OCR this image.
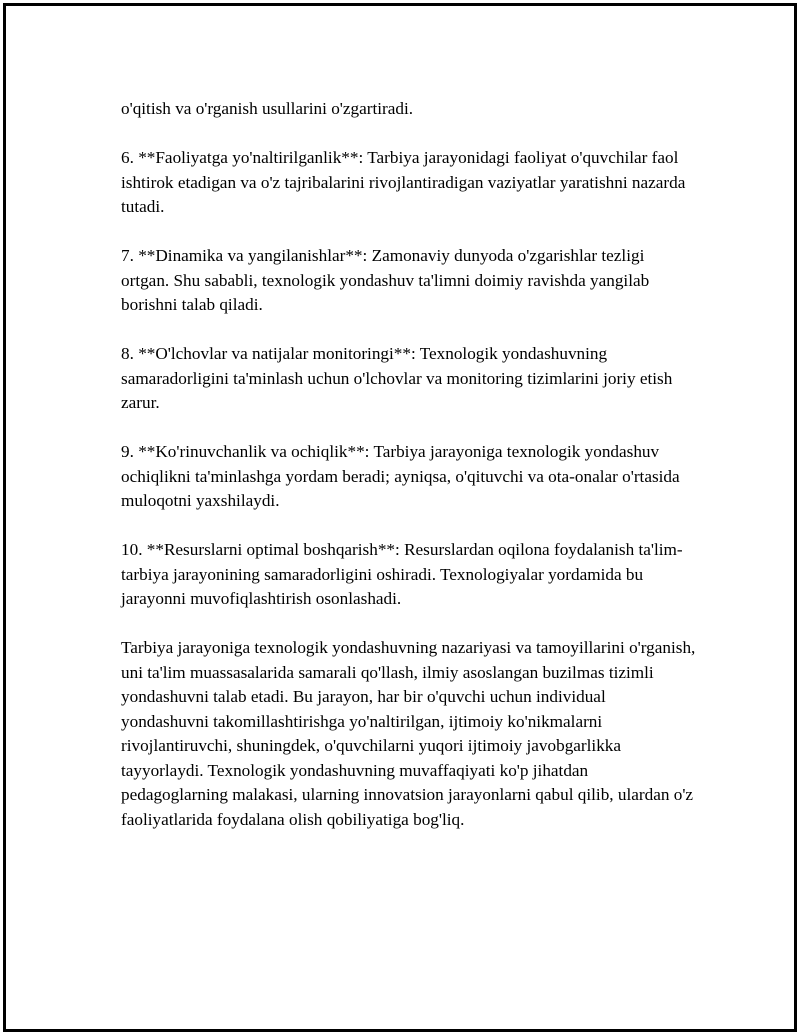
o'qitish va o'rganish usullarini o'zgartiradi.

6. **Faoliyatga yo'naltirilganlik**: Tarbiya jarayonidagi faoliyat o'quvchilar faol ishtirok etadigan va o'z tajribalarini rivojlantiradigan vaziyatlar yaratishni nazarda tutadi.

7. **Dinamika va yangilanishlar**: Zamonaviy dunyoda o'zgarishlar tezligi ortgan. Shu sababli, texnologik yondashuv ta'limni doimiy ravishda yangilab borishni talab qiladi.

8. **O'lchovlar va natijalar monitoringi**: Texnologik yondashuvning samaradorligini ta'minlash uchun o'lchovlar va monitoring tizimlarini joriy etish zarur.

9. **Ko'rinuvchanlik va ochiqlik**: Tarbiya jarayoniga texnologik yondashuv ochiqlikni ta'minlashga yordam beradi; ayniqsa, o'qituvchi va ota-onalar o'rtasida muloqotni yaxshilaydi.

10. **Resurslarni optimal boshqarish**: Resurslardan oqilona foydalanish ta'lim-tarbiya jarayonining samaradorligini oshiradi. Texnologiyalar yordamida bu jarayonni muvofiqlashtirish osonlashadi.

Tarbiya jarayoniga texnologik yondashuvning nazariyasi va tamoyillarini o'rganish, uni ta'lim muassasalarida samarali qo'llash, ilmiy asoslangan buzilmas tizimli yondashuvni talab etadi. Bu jarayon, har bir o'quvchi uchun individual yondashuvni takomillashtirishga yo'naltirilgan, ijtimoiy ko'nikmalarni rivojlantiruvchi, shuningdek, o'quvchilarni yuqori ijtimoiy javobgarlikka tayyorlaydi. Texnologik yondashuvning muvaffaqiyati ko'p jihatdan pedagoglarning malakasi, ularning innovatsion jarayonlarni qabul qilib, ulardan o'z faoliyatlarida foydalana olish qobiliyatiga bog'liq.
